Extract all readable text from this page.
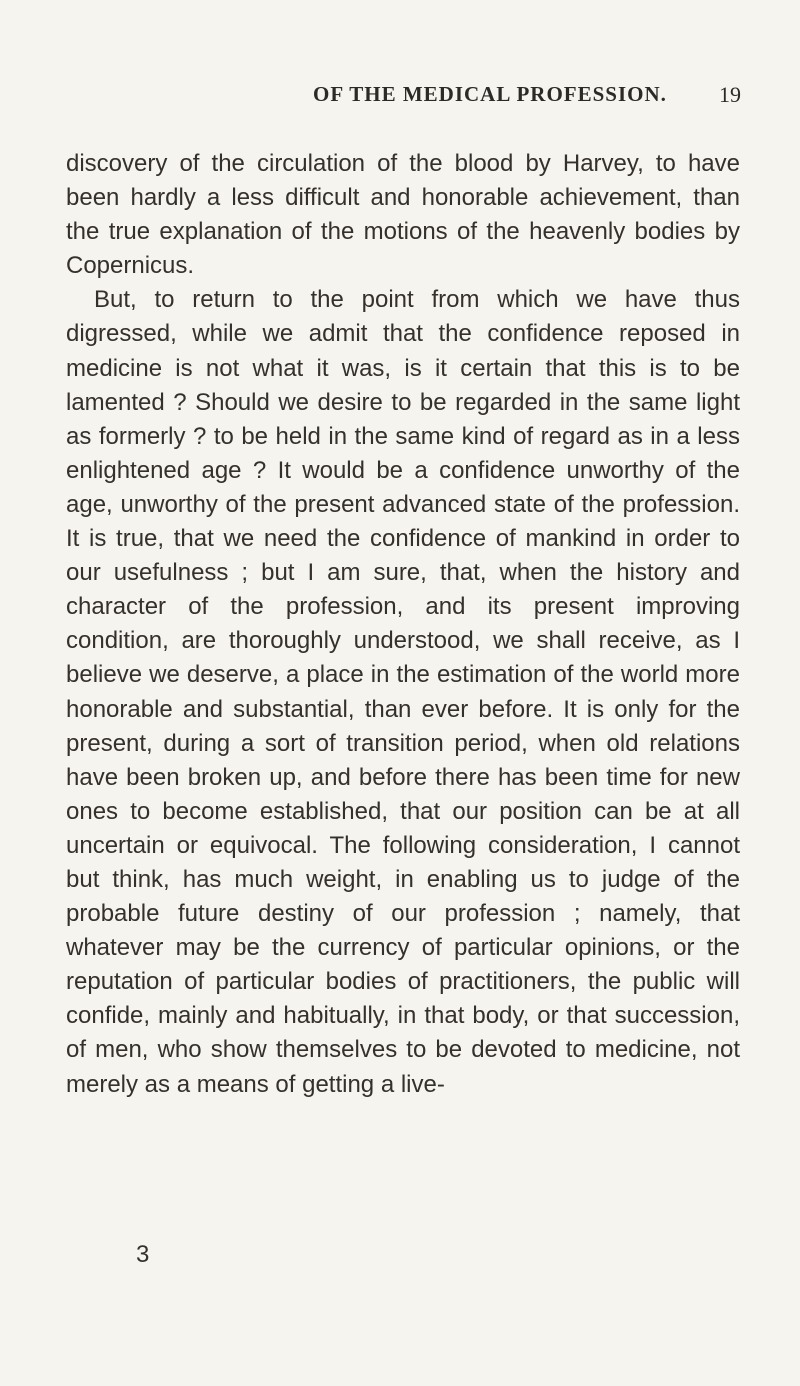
OF THE MEDICAL PROFESSION. 19

discovery of the circulation of the blood by Harvey, to have been hardly a less difficult and honorable achievement, than the true explanation of the motions of the heavenly bodies by Copernicus.

But, to return to the point from which we have thus digressed, while we admit that the confidence reposed in medicine is not what it was, is it certain that this is to be lamented ? Should we desire to be regarded in the same light as formerly ? to be held in the same kind of regard as in a less enlightened age ? It would be a confidence unworthy of the age, unworthy of the present advanced state of the profession. It is true, that we need the confidence of mankind in order to our usefulness ; but I am sure, that, when the history and character of the profession, and its present improving condition, are thoroughly understood, we shall receive, as I believe we deserve, a place in the estimation of the world more honorable and substantial, than ever before. It is only for the present, during a sort of transition period, when old relations have been broken up, and before there has been time for new ones to become established, that our position can be at all uncertain or equivocal. The following consideration, I cannot but think, has much weight, in enabling us to judge of the probable future destiny of our profession ; namely, that whatever may be the currency of particular opinions, or the reputation of particular bodies of practitioners, the public will confide, mainly and habitually, in that body, or that succession, of men, who show themselves to be devoted to medicine, not merely as a means of getting a live-

3
